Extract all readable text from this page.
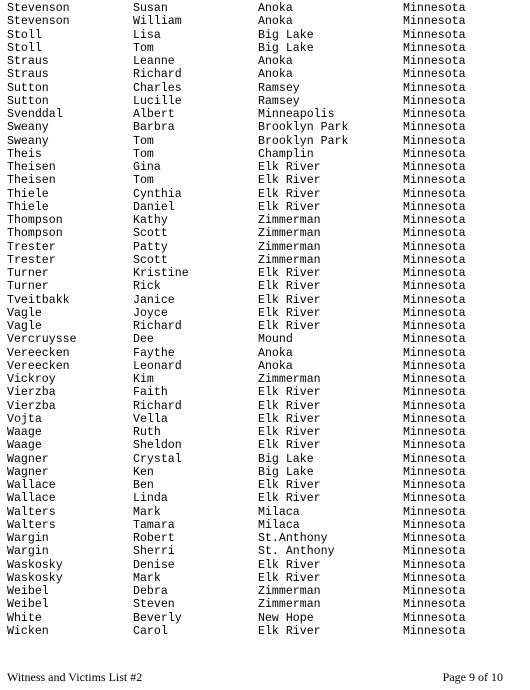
Stevenson	Susan	Anoka	Minnesota
Stevenson	William	Anoka	Minnesota
Stoll	Lisa	Big Lake	Minnesota
Stoll	Tom	Big Lake	Minnesota
Straus	Leanne	Anoka	Minnesota
Straus	Richard	Anoka	Minnesota
Sutton	Charles	Ramsey	Minnesota
Sutton	Lucille	Ramsey	Minnesota
Svenddal	Albert	Minneapolis	Minnesota
Sweany	Barbra	Brooklyn Park	Minnesota
Sweany	Tom	Brooklyn Park	Minnesota
Theis	Tom	Champlin	Minnesota
Theisen	Gina	Elk River	Minnesota
Theisen	Tom	Elk River	Minnesota
Thiele	Cynthia	Elk River	Minnesota
Thiele	Daniel	Elk River	Minnesota
Thompson	Kathy	Zimmerman	Minnesota
Thompson	Scott	Zimmerman	Minnesota
Trester	Patty	Zimmerman	Minnesota
Trester	Scott	Zimmerman	Minnesota
Turner	Kristine	Elk River	Minnesota
Turner	Rick	Elk River	Minnesota
Tveitbakk	Janice	Elk River	Minnesota
Vagle	Joyce	Elk River	Minnesota
Vagle	Richard	Elk River	Minnesota
Vercruysse	Dee	Mound	Minnesota
Vereecken	Faythe	Anoka	Minnesota
Vereecken	Leonard	Anoka	Minnesota
Vickroy	Kim	Zimmerman	Minnesota
Vierzba	Faith	Elk River	Minnesota
Vierzba	Richard	Elk River	Minnesota
Vojta	Vella	Elk River	Minnesota
Waage	Ruth	Elk River	Minnesota
Waage	Sheldon	Elk River	Minnesota
Wagner	Crystal	Big Lake	Minnesota
Wagner	Ken	Big Lake	Minnesota
Wallace	Ben	Elk River	Minnesota
Wallace	Linda	Elk River	Minnesota
Walters	Mark	Milaca	Minnesota
Walters	Tamara	Milaca	Minnesota
Wargin	Robert	St.Anthony	Minnesota
Wargin	Sherri	St. Anthony	Minnesota
Waskosky	Denise	Elk River	Minnesota
Waskosky	Mark	Elk River	Minnesota
Weibel	Debra	Zimmerman	Minnesota
Weibel	Steven	Zimmerman	Minnesota
White	Beverly	New Hope	Minnesota
Wicken	Carol	Elk River	Minnesota
Witness and Victims List #2	Page 9 of 10
